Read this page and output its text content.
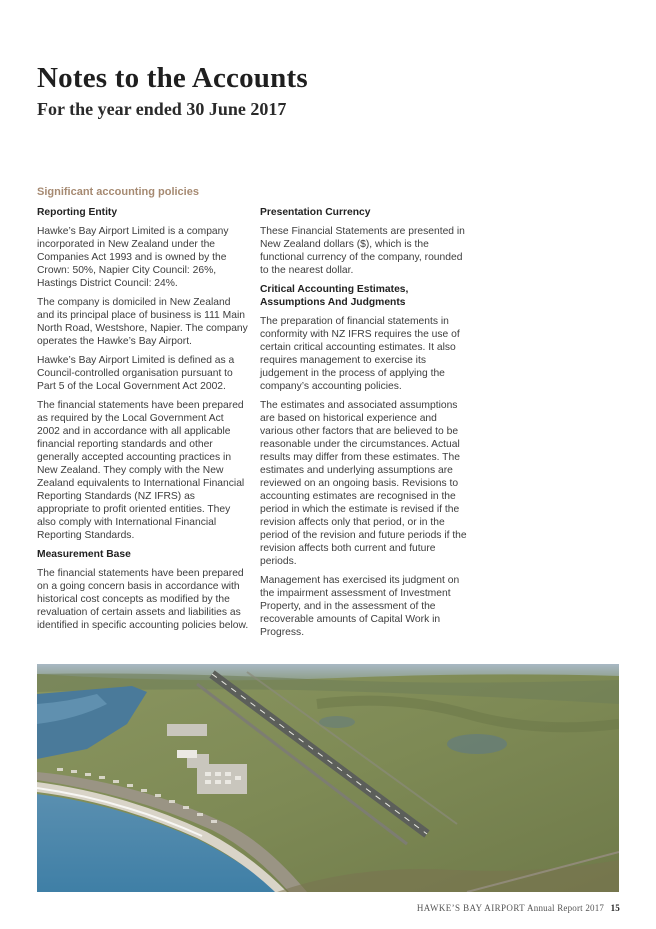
Notes to the Accounts
For the year ended 30 June 2017
Significant accounting policies
Reporting Entity

Hawke’s Bay Airport Limited is a company incorporated in New Zealand under the Companies Act 1993 and is owned by the Crown: 50%, Napier City Council: 26%, Hastings District Council: 24%.

The company is domiciled in New Zealand and its principal place of business is 111 Main North Road, Westshore, Napier. The company operates the Hawke’s Bay Airport.

Hawke’s Bay Airport Limited is defined as a Council-controlled organisation pursuant to Part 5 of the Local Government Act 2002.

The financial statements have been prepared as required by the Local Government Act 2002 and in accordance with all applicable financial reporting standards and other generally accepted accounting practices in New Zealand. They comply with the New Zealand equivalents to International Financial Reporting Standards (NZ IFRS) as appropriate to profit oriented entities. They also comply with International Financial Reporting Standards.

Measurement Base

The financial statements have been prepared on a going concern basis in accordance with historical cost concepts as modified by the revaluation of certain assets and liabilities as identified in specific accounting policies below.

Presentation Currency

These Financial Statements are presented in New Zealand dollars ($), which is the functional currency of the company, rounded to the nearest dollar.

Critical Accounting Estimates, Assumptions And Judgments

The preparation of financial statements in conformity with NZ IFRS requires the use of certain critical accounting estimates. It also requires management to exercise its judgement in the process of applying the company’s accounting policies.

The estimates and associated assumptions are based on historical experience and various other factors that are believed to be reasonable under the circumstances. Actual results may differ from these estimates. The estimates and underlying assumptions are reviewed on an ongoing basis. Revisions to accounting estimates are recognised in the period in which the estimate is revised if the revision affects only that period, or in the period of the revision and future periods if the revision affects both current and future periods.

Management has exercised its judgment on the impairment assessment of Investment Property, and in the assessment of the recoverable amounts of Capital Work in Progress.

HAWKE’S BAY AIRPORT Annual Report 2017 15
